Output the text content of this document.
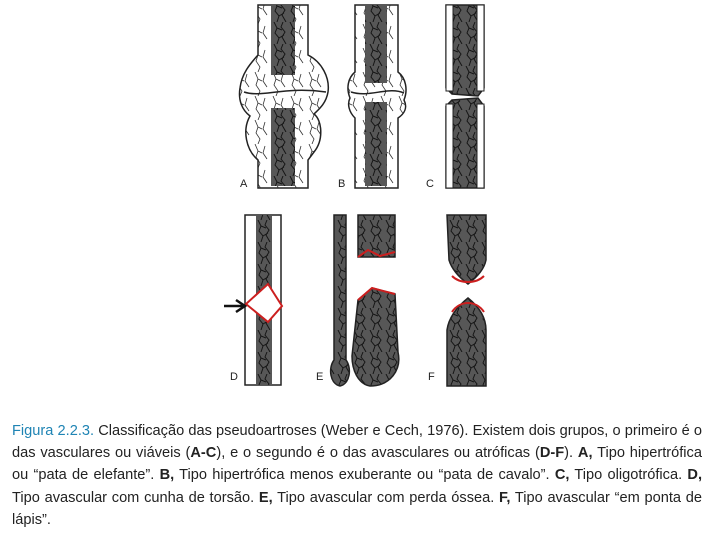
A	B	C
D	E	F
Figura 2.2.3. Classificação das pseudoartroses (Weber e Cech, 1976). Existem dois grupos, o primeiro é o das vasculares ou viáveis (A-C), e o segundo é o das avasculares ou atróficas (D-F). A, Tipo hipertrófica ou “pata de elefante”. B, Tipo hipertrófica menos exuberante ou “pata de cavalo”. C, Tipo oligotrófica. D, Tipo avascular com cunha de torsão. E, Tipo avascular com perda óssea. F, Tipo avascular “em ponta de lápis”.
